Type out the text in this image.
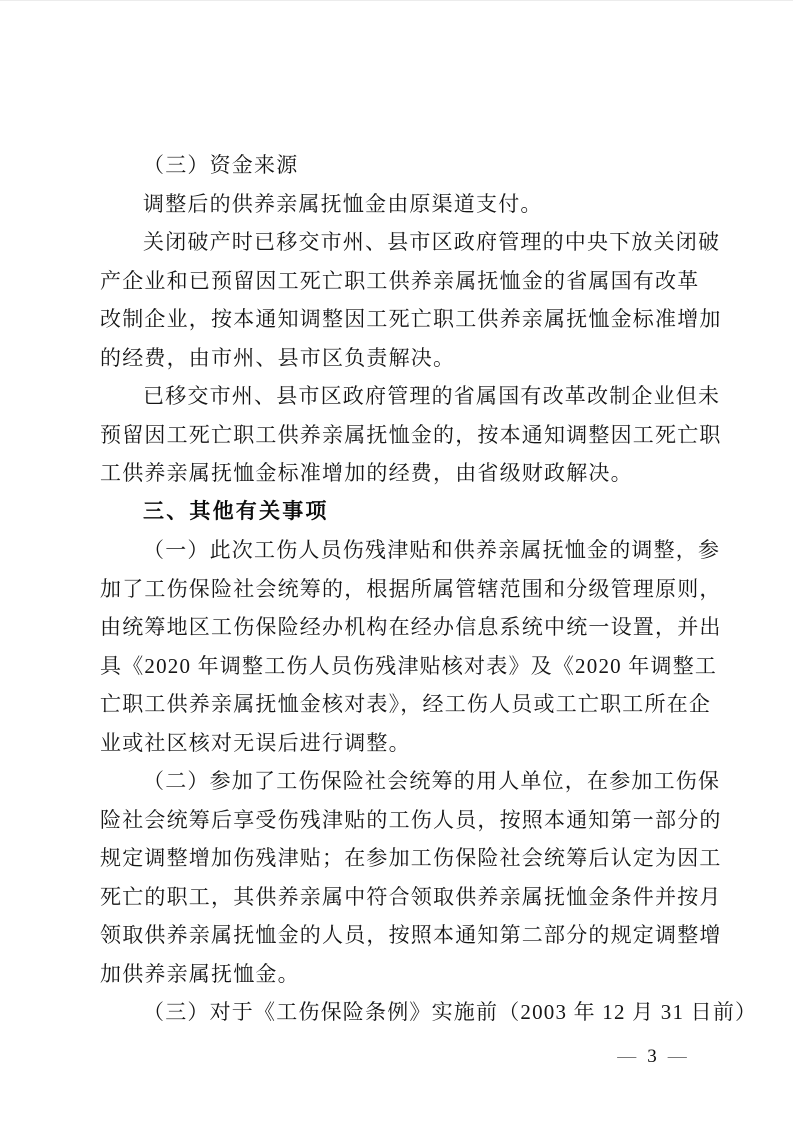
（三）资金来源
调整后的供养亲属抚恤金由原渠道支付。
关闭破产时已移交市州、县市区政府管理的中央下放关闭破
产企业和已预留因工死亡职工供养亲属抚恤金的省属国有改革
改制企业，按本通知调整因工死亡职工供养亲属抚恤金标准增加
的经费，由市州、县市区负责解决。
已移交市州、县市区政府管理的省属国有改革改制企业但未
预留因工死亡职工供养亲属抚恤金的，按本通知调整因工死亡职
工供养亲属抚恤金标准增加的经费，由省级财政解决。
三、其他有关事项
（一）此次工伤人员伤残津贴和供养亲属抚恤金的调整，参
加了工伤保险社会统筹的，根据所属管辖范围和分级管理原则，
由统筹地区工伤保险经办机构在经办信息系统中统一设置，并出
具《2020 年调整工伤人员伤残津贴核对表》及《2020 年调整工
亡职工供养亲属抚恤金核对表》，经工伤人员或工亡职工所在企
业或社区核对无误后进行调整。
（二）参加了工伤保险社会统筹的用人单位，在参加工伤保
险社会统筹后享受伤残津贴的工伤人员，按照本通知第一部分的
规定调整增加伤残津贴；在参加工伤保险社会统筹后认定为因工
死亡的职工，其供养亲属中符合领取供养亲属抚恤金条件并按月
领取供养亲属抚恤金的人员，按照本通知第二部分的规定调整增
加供养亲属抚恤金。
（三）对于《工伤保险条例》实施前（2003 年 12 月 31 日前）
— 3 —
